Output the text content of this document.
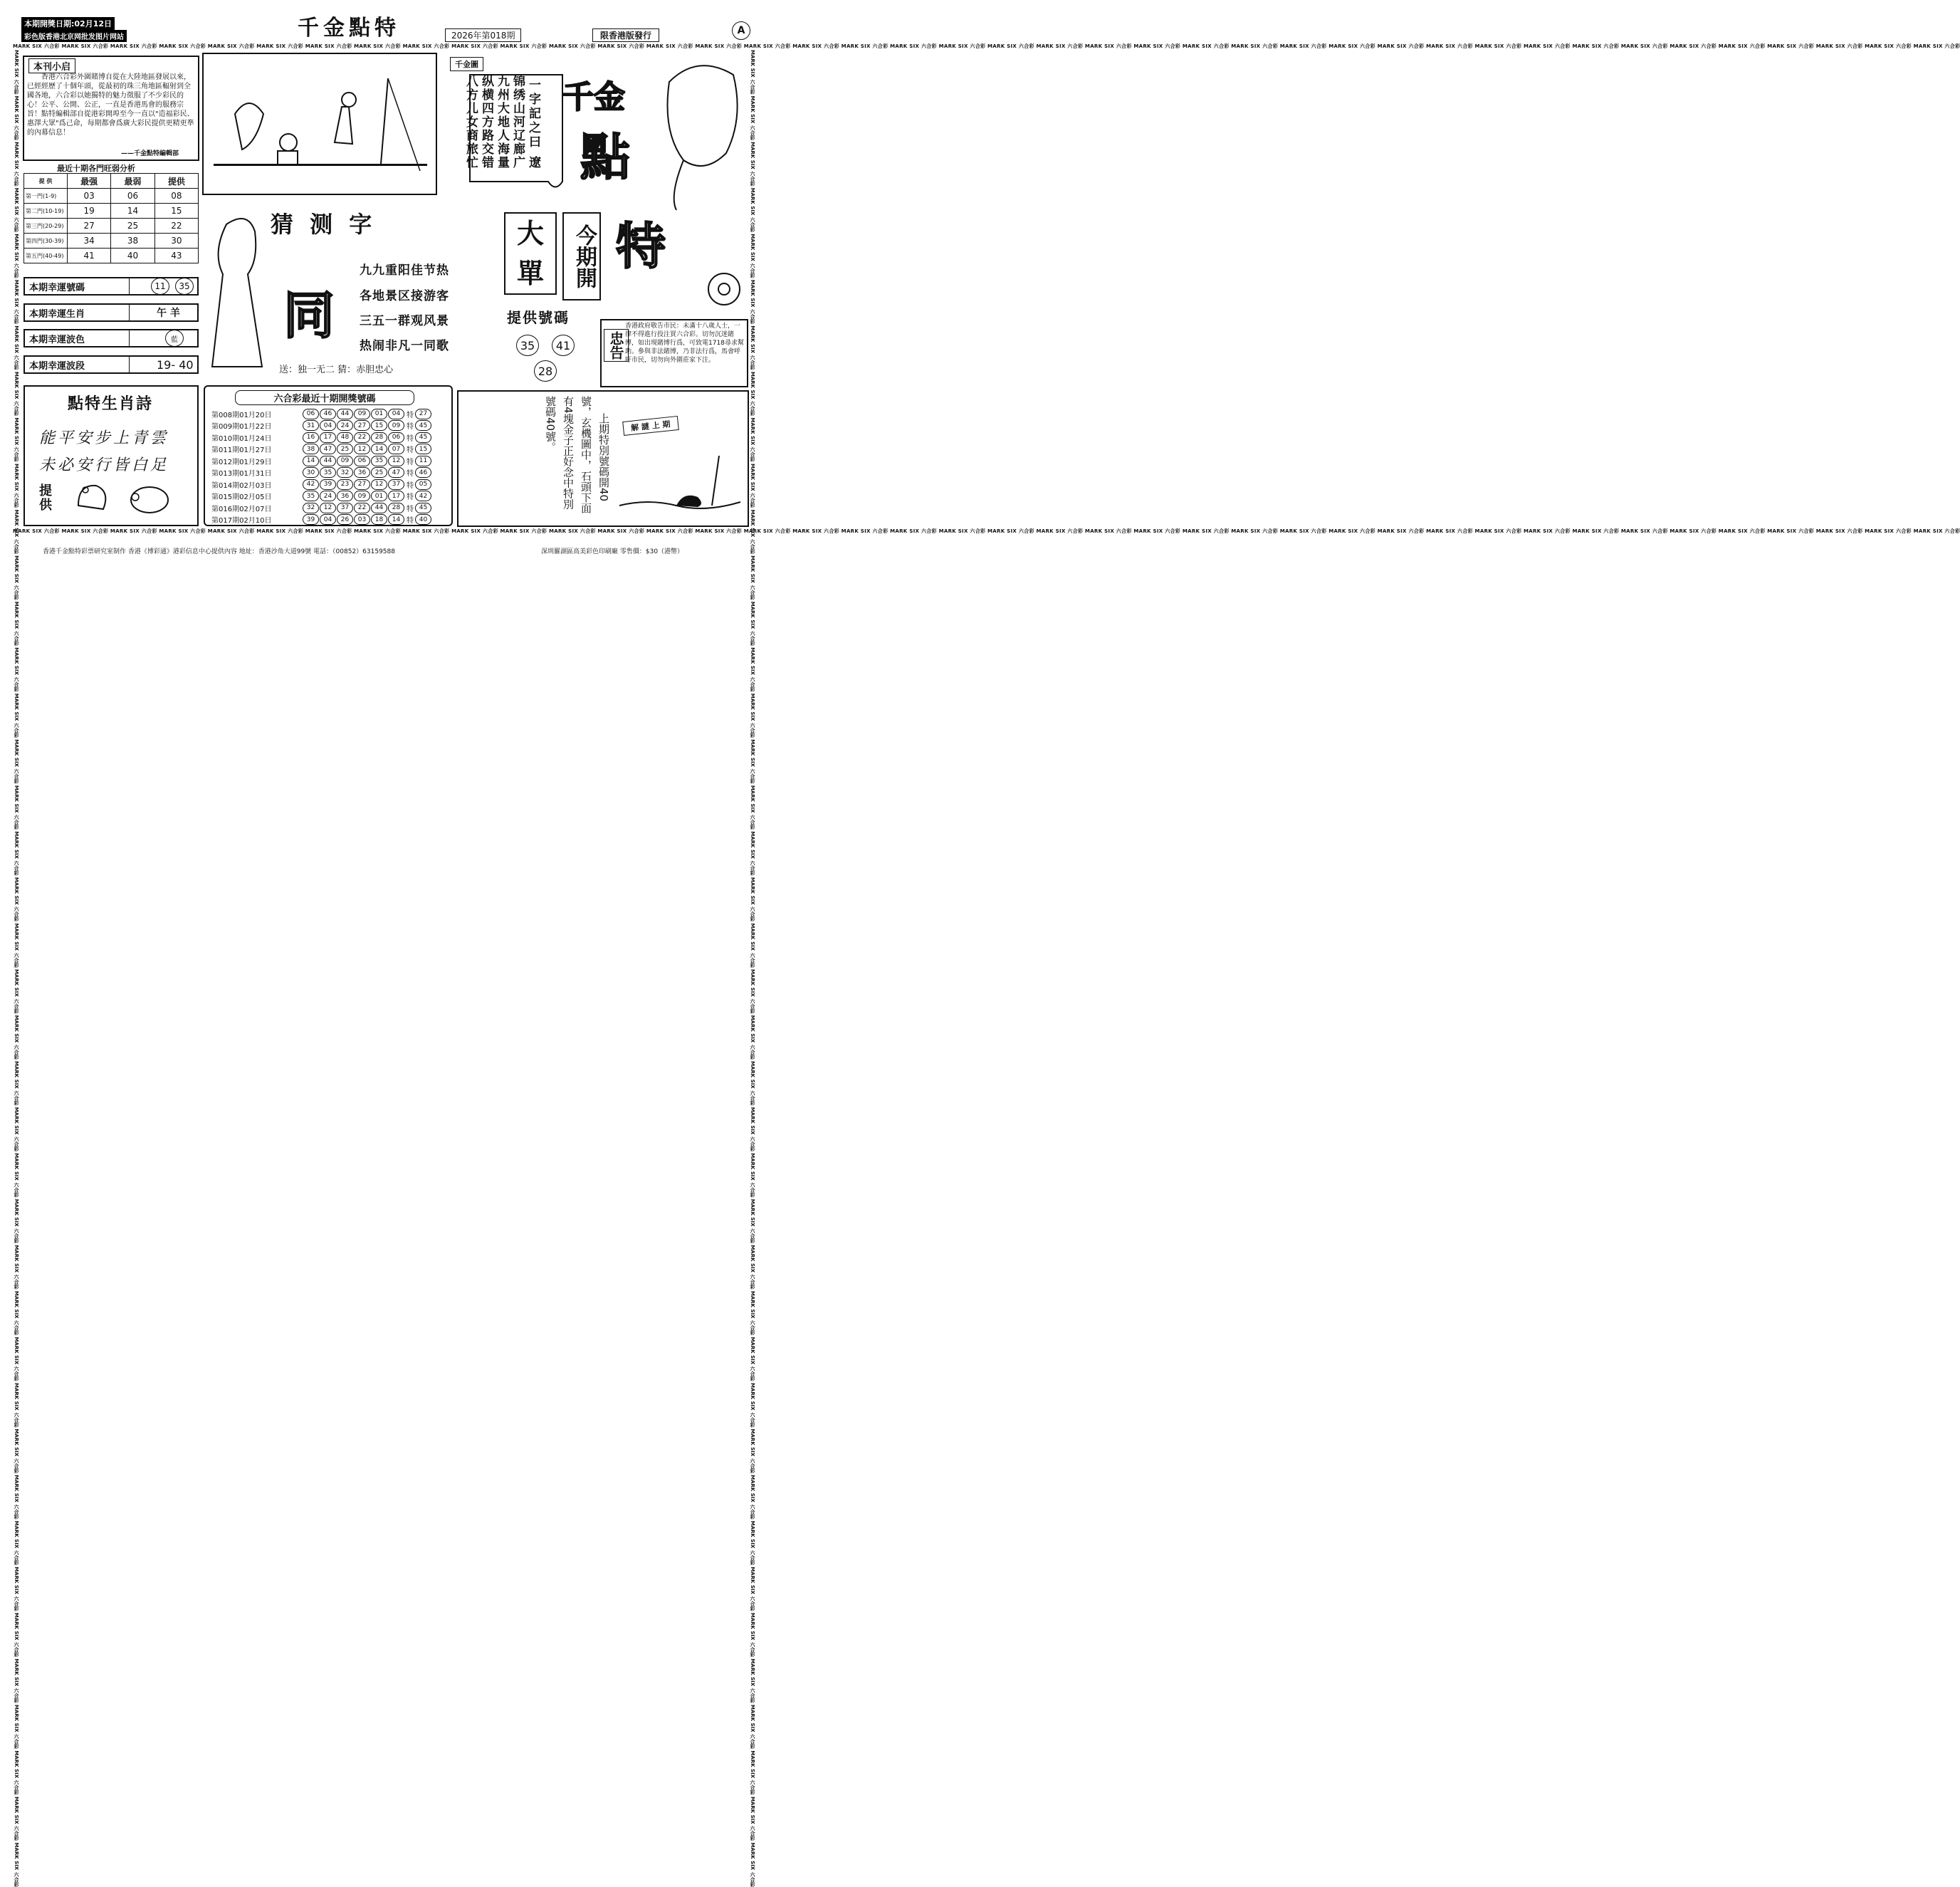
本期開獎日期:02月12日
彩色版香港北京网批发图片网站	千金點特	2026年第018期	限香港版發行	A
MARK SIX 六合彩 MARK SIX 六合彩 MARK SIX 六合彩 MARK SIX 六合彩 MARK SIX 六合彩 MARK SIX 六合彩 MARK SIX 六合彩 MARK SIX 六合彩 MARK SIX 六合彩 MARK SIX 六合彩 MARK SIX 六合彩 MARK SIX 六合彩 MARK SIX 六合彩 MARK SIX 六合彩 MARK SIX 六合彩 MARK SIX 六合彩 MARK SIX 六合彩 MARK SIX 六合彩 MARK SIX 六合彩 MARK SIX 六合彩 MARK SIX 六合彩 MARK SIX 六合彩 MARK SIX 六合彩 MARK SIX 六合彩 MARK SIX 六合彩 MARK SIX 六合彩 MARK SIX 六合彩 MARK SIX 六合彩 MARK SIX 六合彩 MARK SIX 六合彩 MARK SIX 六合彩 MARK SIX 六合彩 MARK SIX 六合彩 MARK SIX 六合彩 MARK SIX 六合彩 MARK SIX 六合彩 MARK SIX 六合彩 MARK SIX 六合彩 MARK SIX 六合彩 MARK SIX 六合彩
MARK SIX 六合彩 MARK SIX 六合彩 MARK SIX 六合彩 MARK SIX 六合彩 MARK SIX 六合彩 MARK SIX 六合彩 MARK SIX 六合彩 MARK SIX 六合彩 MARK SIX 六合彩 MARK SIX 六合彩 MARK SIX 六合彩 MARK SIX 六合彩 MARK SIX 六合彩 MARK SIX 六合彩 MARK SIX 六合彩 MARK SIX 六合彩 MARK SIX 六合彩 MARK SIX 六合彩 MARK SIX 六合彩 MARK SIX 六合彩 MARK SIX 六合彩 MARK SIX 六合彩 MARK SIX 六合彩 MARK SIX 六合彩 MARK SIX 六合彩 MARK SIX 六合彩 MARK SIX 六合彩 MARK SIX 六合彩 MARK SIX 六合彩 MARK SIX 六合彩 MARK SIX 六合彩 MARK SIX 六合彩 MARK SIX 六合彩 MARK SIX 六合彩 MARK SIX 六合彩 MARK SIX 六合彩 MARK SIX 六合彩 MARK SIX 六合彩 MARK SIX 六合彩 MARK SIX 六合彩
MARK SIX 六合彩 MARK SIX 六合彩 MARK SIX 六合彩 MARK SIX 六合彩 MARK SIX 六合彩 MARK SIX 六合彩 MARK SIX 六合彩 MARK SIX 六合彩 MARK SIX 六合彩 MARK SIX 六合彩 MARK SIX 六合彩 MARK SIX 六合彩 MARK SIX 六合彩 MARK SIX 六合彩 MARK SIX 六合彩 MARK SIX 六合彩 MARK SIX 六合彩 MARK SIX 六合彩 MARK SIX 六合彩 MARK SIX 六合彩 MARK SIX 六合彩 MARK SIX 六合彩 MARK SIX 六合彩 MARK SIX 六合彩 MARK SIX 六合彩 MARK SIX 六合彩 MARK SIX 六合彩 MARK SIX 六合彩 MARK SIX 六合彩 MARK SIX 六合彩 MARK SIX 六合彩 MARK SIX 六合彩 MARK SIX 六合彩 MARK SIX 六合彩 MARK SIX 六合彩 MARK SIX 六合彩 MARK SIX 六合彩 MARK SIX 六合彩 MARK SIX 六合彩 MARK SIX 六合彩	MARK SIX 六合彩 MARK SIX 六合彩 MARK SIX 六合彩 MARK SIX 六合彩 MARK SIX 六合彩 MARK SIX 六合彩 MARK SIX 六合彩 MARK SIX 六合彩 MARK SIX 六合彩 MARK SIX 六合彩 MARK SIX 六合彩 MARK SIX 六合彩 MARK SIX 六合彩 MARK SIX 六合彩 MARK SIX 六合彩 MARK SIX 六合彩 MARK SIX 六合彩 MARK SIX 六合彩 MARK SIX 六合彩 MARK SIX 六合彩 MARK SIX 六合彩 MARK SIX 六合彩 MARK SIX 六合彩 MARK SIX 六合彩 MARK SIX 六合彩 MARK SIX 六合彩 MARK SIX 六合彩 MARK SIX 六合彩 MARK SIX 六合彩 MARK SIX 六合彩 MARK SIX 六合彩 MARK SIX 六合彩 MARK SIX 六合彩 MARK SIX 六合彩 MARK SIX 六合彩 MARK SIX 六合彩 MARK SIX 六合彩 MARK SIX 六合彩 MARK SIX 六合彩 MARK SIX 六合彩
本刊小启
香港六合彩外圍賭博自從在大陸地區發展以來，已經經歷了十個年頭，從最初的珠三角地區輻射到全國各地，六合彩以她獨特的魅力徵服了不少彩民的心！公平、公開、公正，一直是香港馬會的服務宗旨！點特編輯部自從港彩開埠至今一直以"造福彩民、惠澤大眾"爲己命，每期都會爲廣大彩民提供更精更準的內幕信息！
——千金點特編輯部
最近十期各門旺弱分析
提 供	最强	最弱	提供
第一門(1-9)	03	06	08
第二門(10-19)	19	14	15
第三門(20-29)	27	25	22
第四門(30-39)	34	38	30
第五門(40-49)	41	40	43
本期幸運號碼	11	35
本期幸運生肖	午 羊
本期幸運波色	藍
本期幸運波段	19- 40
千金圖
一字記之曰 遼
锦绣山河辽廊广
九州大地人海量
纵横四方路交错
八方儿女商旅忙	千金
點
特
猜 测 字
同
九九重阳佳节热
各地景区接游客
三五一群观风景
热闹非凡一同歌
送：独一无二 猜：赤胆忠心
大 單	今期開
提供號碼
35	41
28
忠告
香港政府敬告市民：未滿十八歲人士，一律不得進行投注買六合彩。切勿沉迷賭博，如出現賭博行爲，可致電1718尋求幫助。參與非法賭博，乃非法行爲，馬會呼吁市民，切勿向外圍莊家下注。
點特生肖詩
能平安步上青雲
未必安行皆白足
提供
六合彩最近十期開獎號碼
第008期01月20日	06	46	44	09	01	04 特 27
第009期01月22日	31	04	24	27	15	09 特 45
第010期01月24日	16	17	48	22	28	06 特 45
第011期01月27日	38	47	25	12	14	07 特 15
第012期01月29日	14	44	09	06	35	12 特 11
第013期01月31日	30	35	32	36	25	47 特 46
第014期02月03日	42	39	23	27	12	37 特 05
第015期02月05日	35	24	36	09	01	17 特 42
第016期02月07日	32	12	37	22	44	28 特 45
第017期02月10日	39	04	26	03	18	14 特 40
上期特別號碼開40
號，玄機圖中，石頭下面
有4塊金子正好念中特別
號碼40號。	解 謎 上 期
香港千金點特彩票研究室制作 香港《博彩通》港彩信息中心提供內容 地址：香港沙角大道99號 電話：（00852）63159588	深圳羅湖區高美彩色印刷廠 零售價：$30（港幣）
